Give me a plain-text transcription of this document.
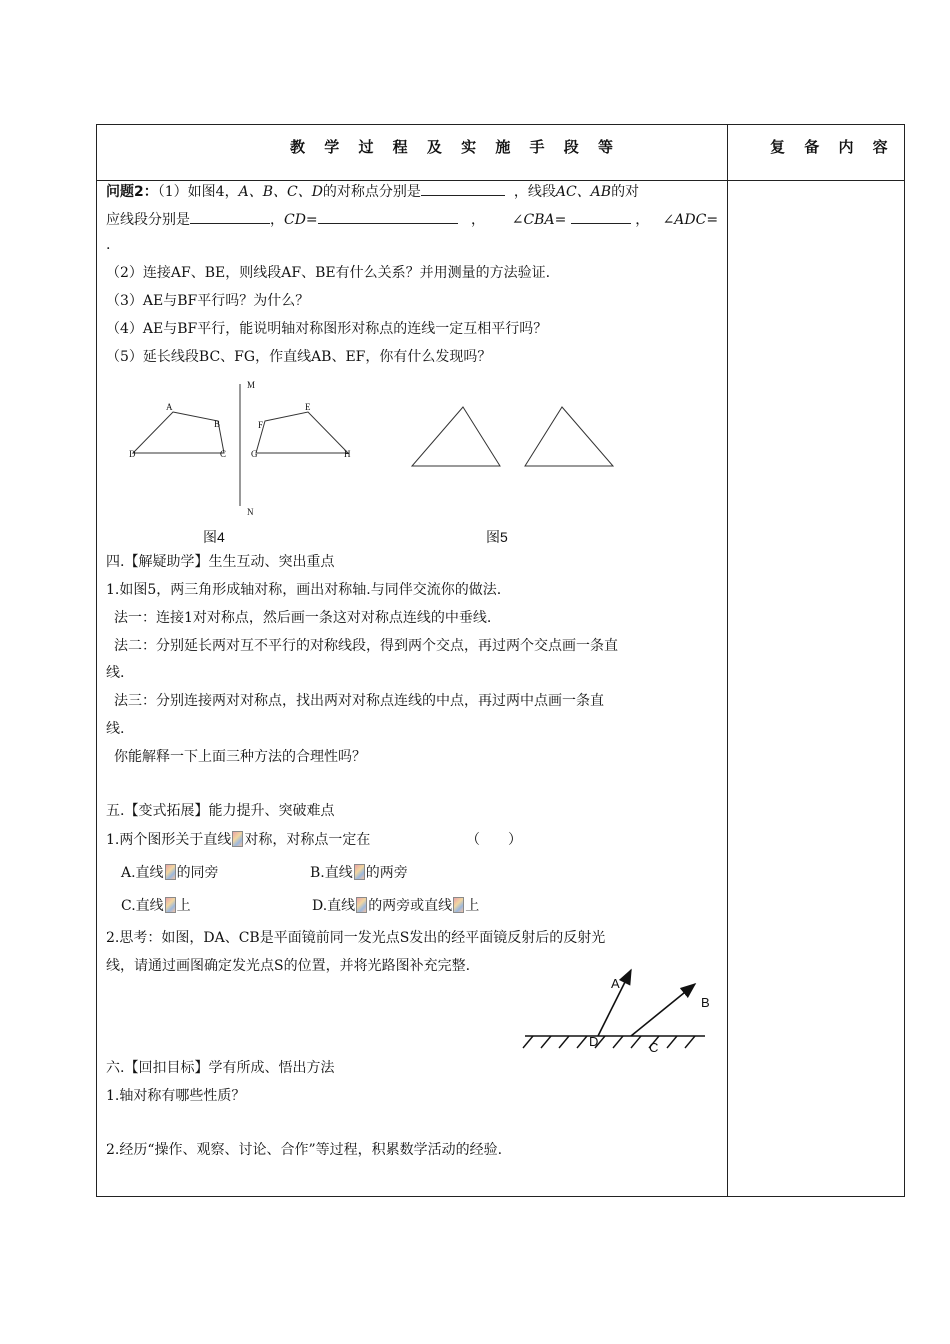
教 学 过 程 及 实 施 手 段 等	复 备 内 容
问题2：（1）如图4，A、B、C、D的对称点分别是	，线段AC、AB的对
应线段分别是	，CD=	， ∠CBA=	， ∠ADC=
.
（2）连接AF、BE，则线段AF、BE有什么关系？并用测量的方法验证.
（3）AE与BF平行吗？为什么？
（4）AE与BF平行，能说明轴对称图形对称点的连线一定互相平行吗？
（5）延长线段BC、FG，作直线AB、EF，你有什么发现吗？
A
B
C
D
E
F
G	H
M
N
图4	图5
四.【解疑助学】生生互动、突出重点
1.如图5，两三角形成轴对称，画出对称轴.与同伴交流你的做法.
法一：连接1对对称点，然后画一条这对对称点连线的中垂线.
法二：分别延长两对互不平行的对称线段，得到两个交点，再过两个交点画一条直
线.
法三：分别连接两对对称点，找出两对对称点连线的中点，再过两中点画一条直
线.
你能解释一下上面三种方法的合理性吗？
五.【变式拓展】能力提升、突破难点
1.两个图形关于直线 对称，对称点一定在	（　　）
A.直线 的同旁	B.直线 的两旁
C.直线 上	D.直线 的两旁或直线 上
2.思考：如图，DA、CB是平面镜前同一发光点S发出的经平面镜反射后的反射光
线，请通过画图确定发光点S的位置，并将光路图补充完整.
A
B
D	C
六.【回扣目标】学有所成、悟出方法
1.轴对称有哪些性质？
2.经历“操作、观察、讨论、合作”等过程，积累数学活动的经验.
